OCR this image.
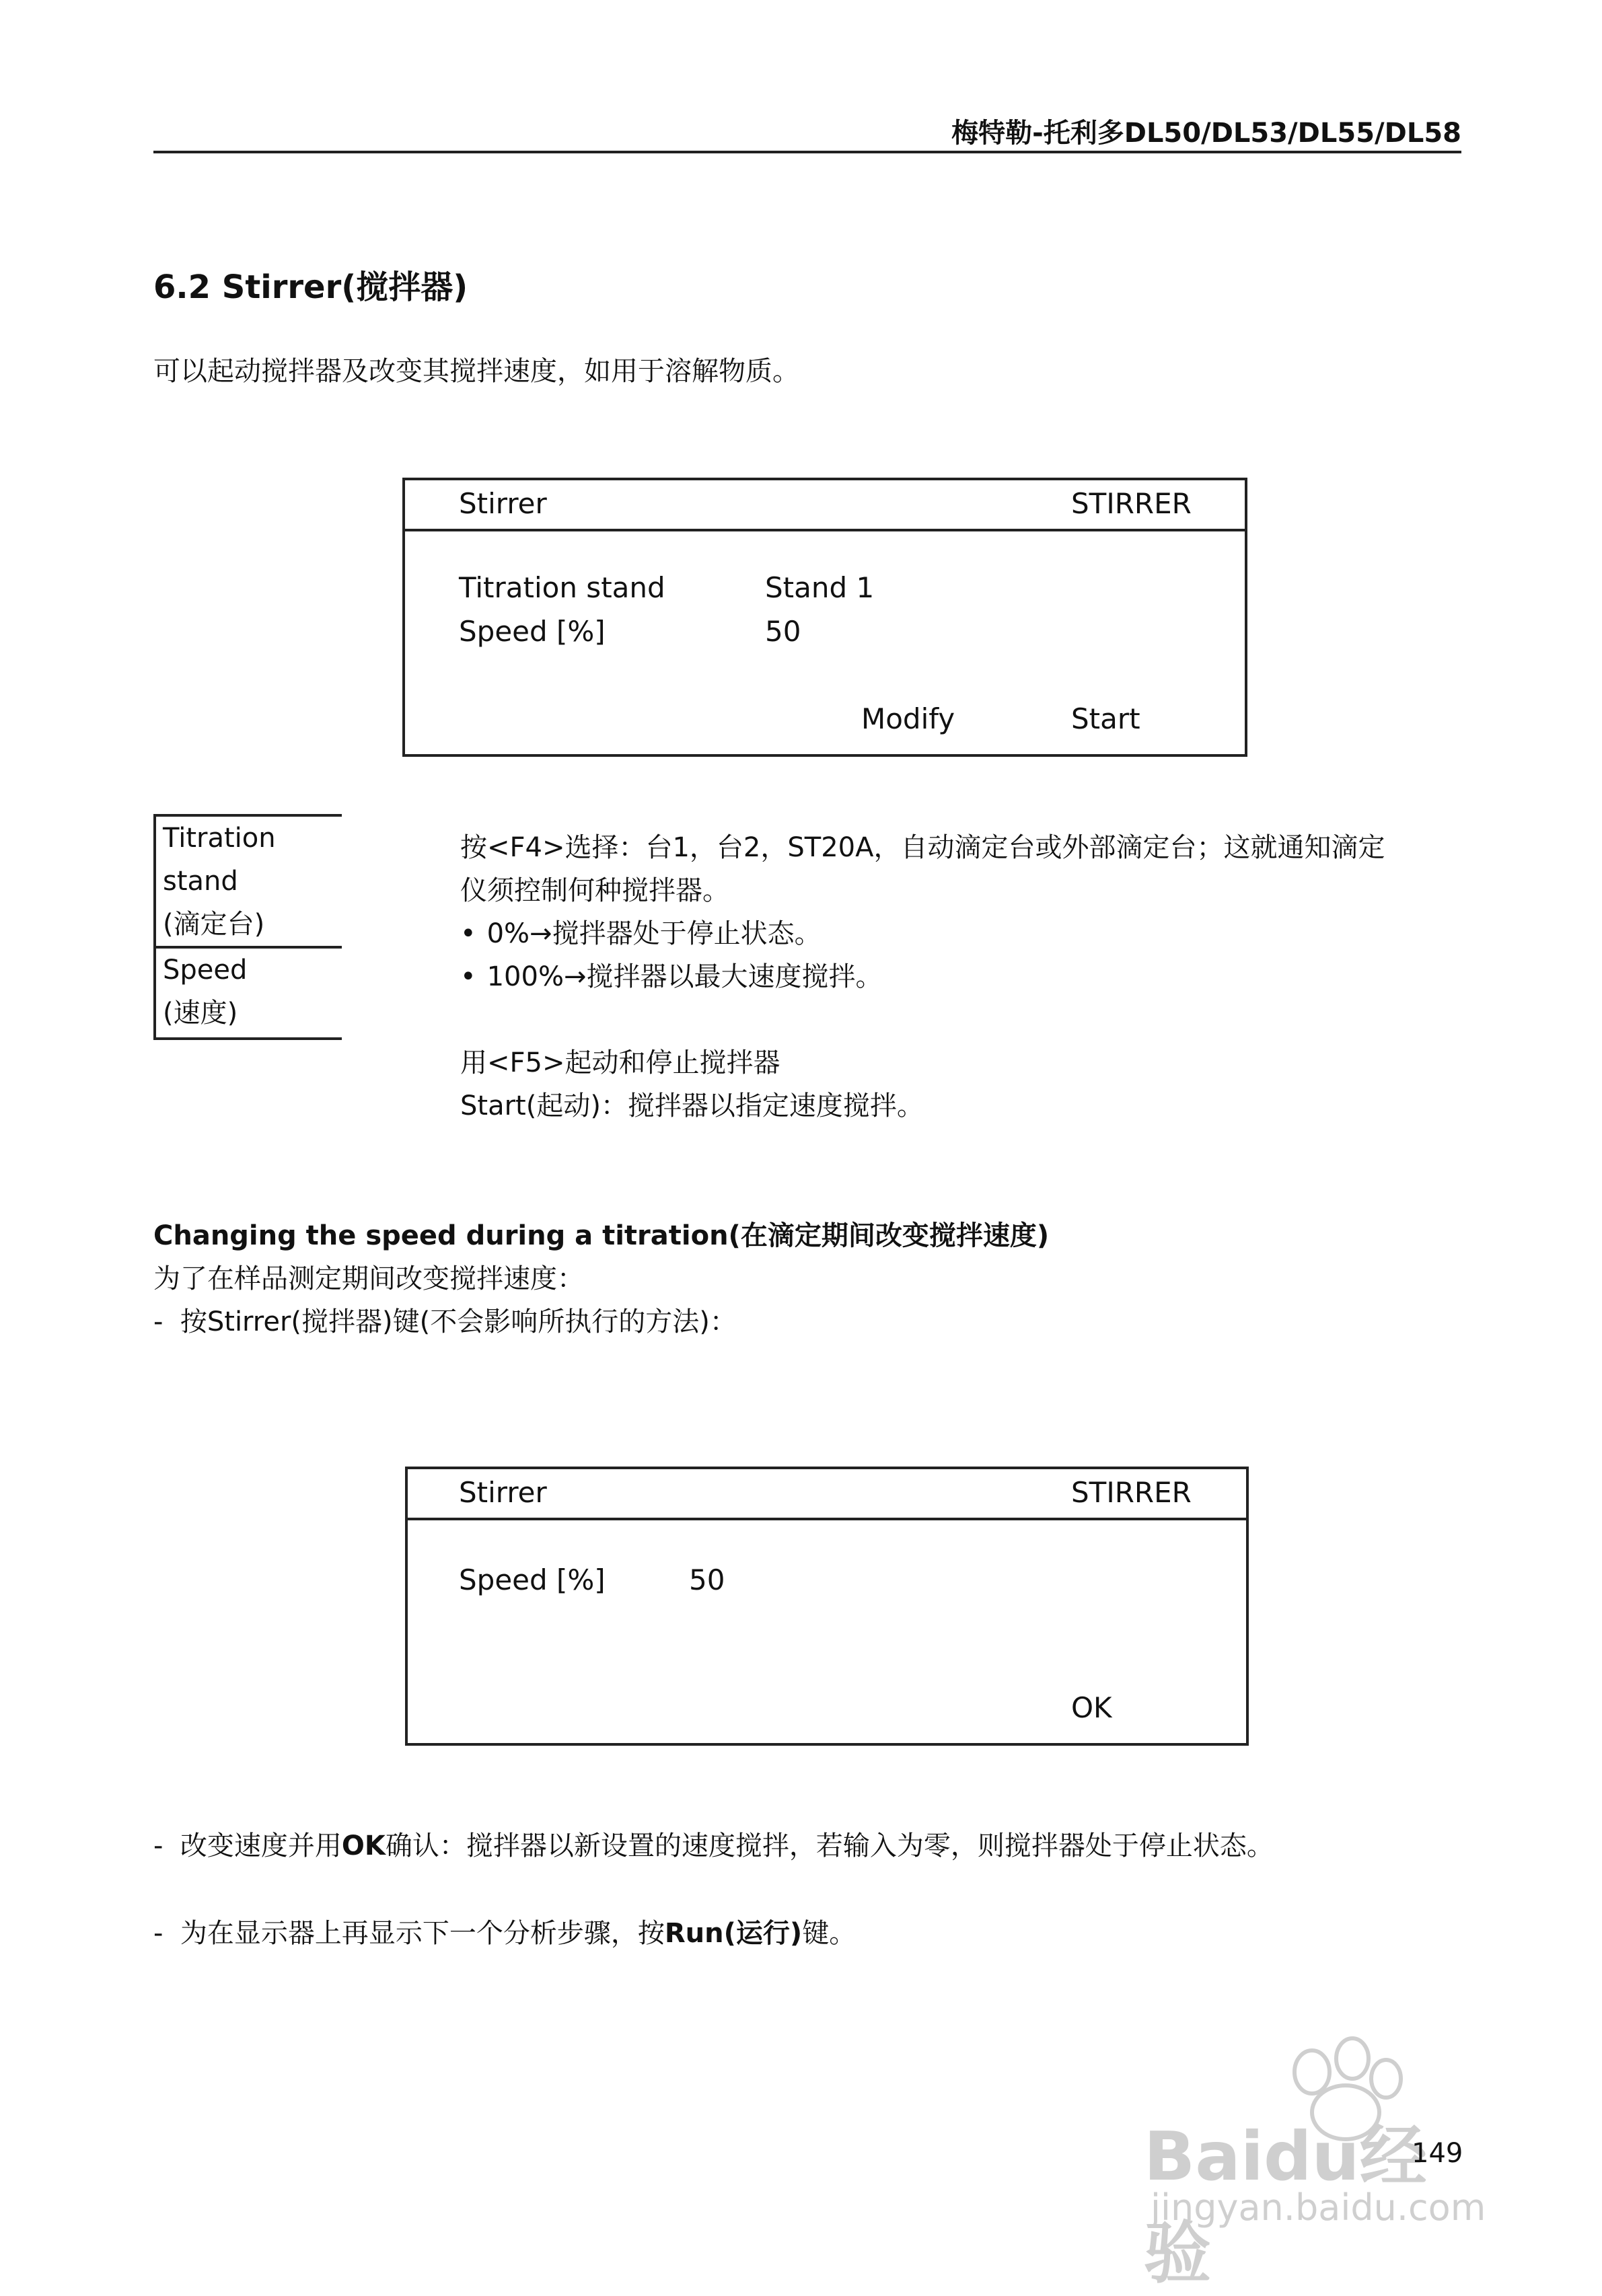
梅特勒-托利多DL50/DL53/DL55/DL58
6.2 Stirrer(搅拌器)
可以起动搅拌器及改变其搅拌速度，如用于溶解物质。
Stirrer	STIRRER
Titration stand	Stand 1
Speed [%]	50
Modify	Start
Titration stand
(滴定台)
Speed
(速度)
按<F4>选择：台1，台2，ST20A，自动滴定台或外部滴定台；这就通知滴定
仪须控制何种搅拌器。
• 0%→搅拌器处于停止状态。
• 100%→搅拌器以最大速度搅拌。
用<F5>起动和停止搅拌器
Start(起动)：搅拌器以指定速度搅拌。
Changing the speed during a titration(在滴定期间改变搅拌速度)
为了在样品测定期间改变搅拌速度：
- 按Stirrer(搅拌器)键(不会影响所执行的方法)：
Stirrer	STIRRER
Speed [%]	50
OK
- 改变速度并用OK确认：搅拌器以新设置的速度搅拌，若输入为零，则搅拌器处于停止状态。
- 为在显示器上再显示下一个分析步骤，按Run(运行)键。
Baidu经验
jingyan.baidu.com
149
